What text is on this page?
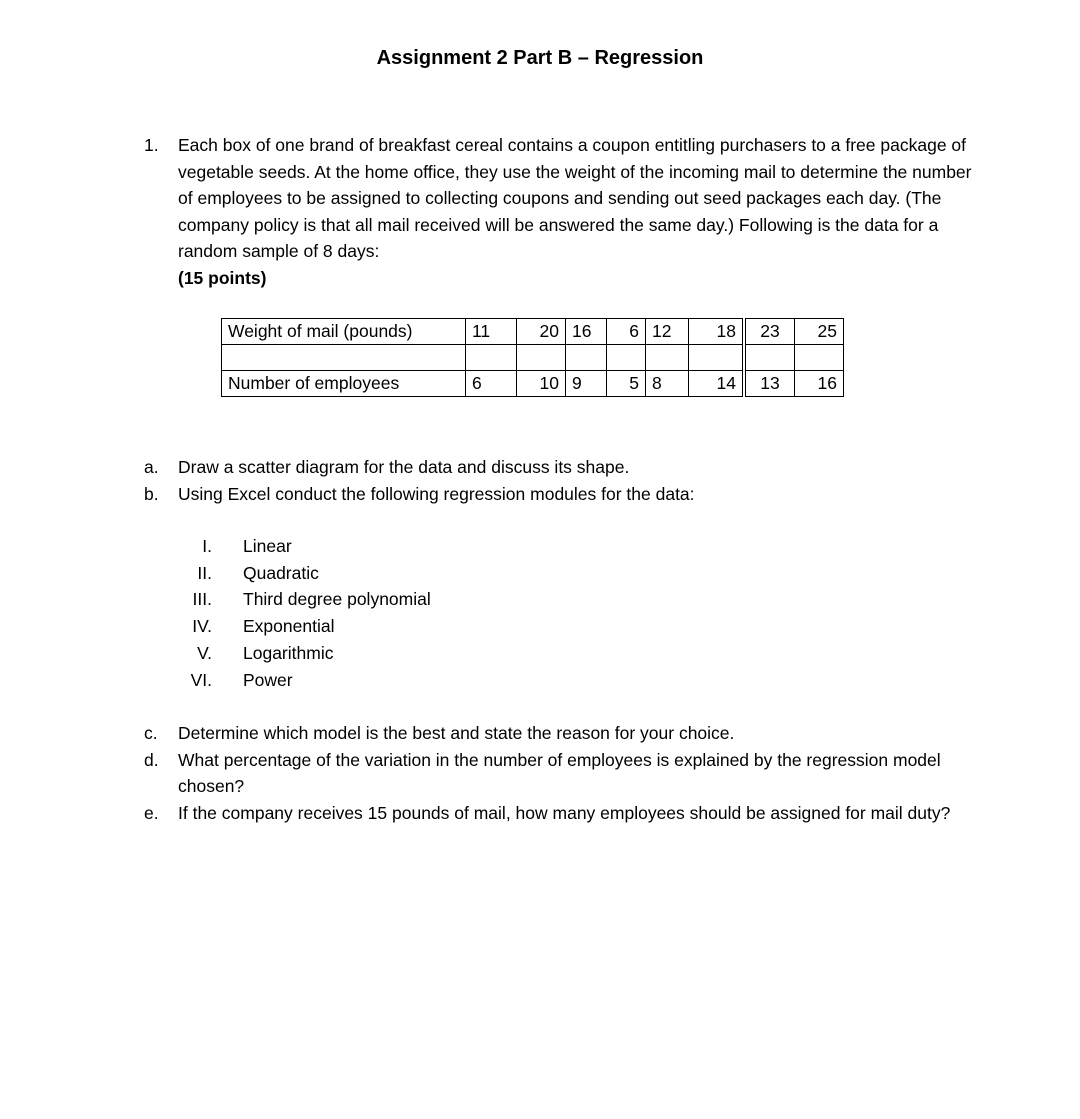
Assignment 2 Part B – Regression
1. Each box of one brand of breakfast cereal contains a coupon entitling purchasers to a free package of vegetable seeds. At the home office, they use the weight of the incoming mail to determine the number of employees to be assigned to collecting coupons and sending out seed packages each day. (The company policy is that all mail received will be answered the same day.) Following is the data for a random sample of 8 days:
(15 points)
Weight of mail (pounds)	11	20	16	6	12	18	23	25

Number of employees	6	10	9	5	8	14	13	16
a. Draw a scatter diagram for the data and discuss its shape.
b. Using Excel conduct the following regression modules for the data:
I. Linear
II. Quadratic
III. Third degree polynomial
IV. Exponential
V. Logarithmic
VI. Power
c. Determine which model is the best and state the reason for your choice.
d. What percentage of the variation in the number of employees is explained by the regression model chosen?
e. If the company receives 15 pounds of mail, how many employees should be assigned for mail duty?
